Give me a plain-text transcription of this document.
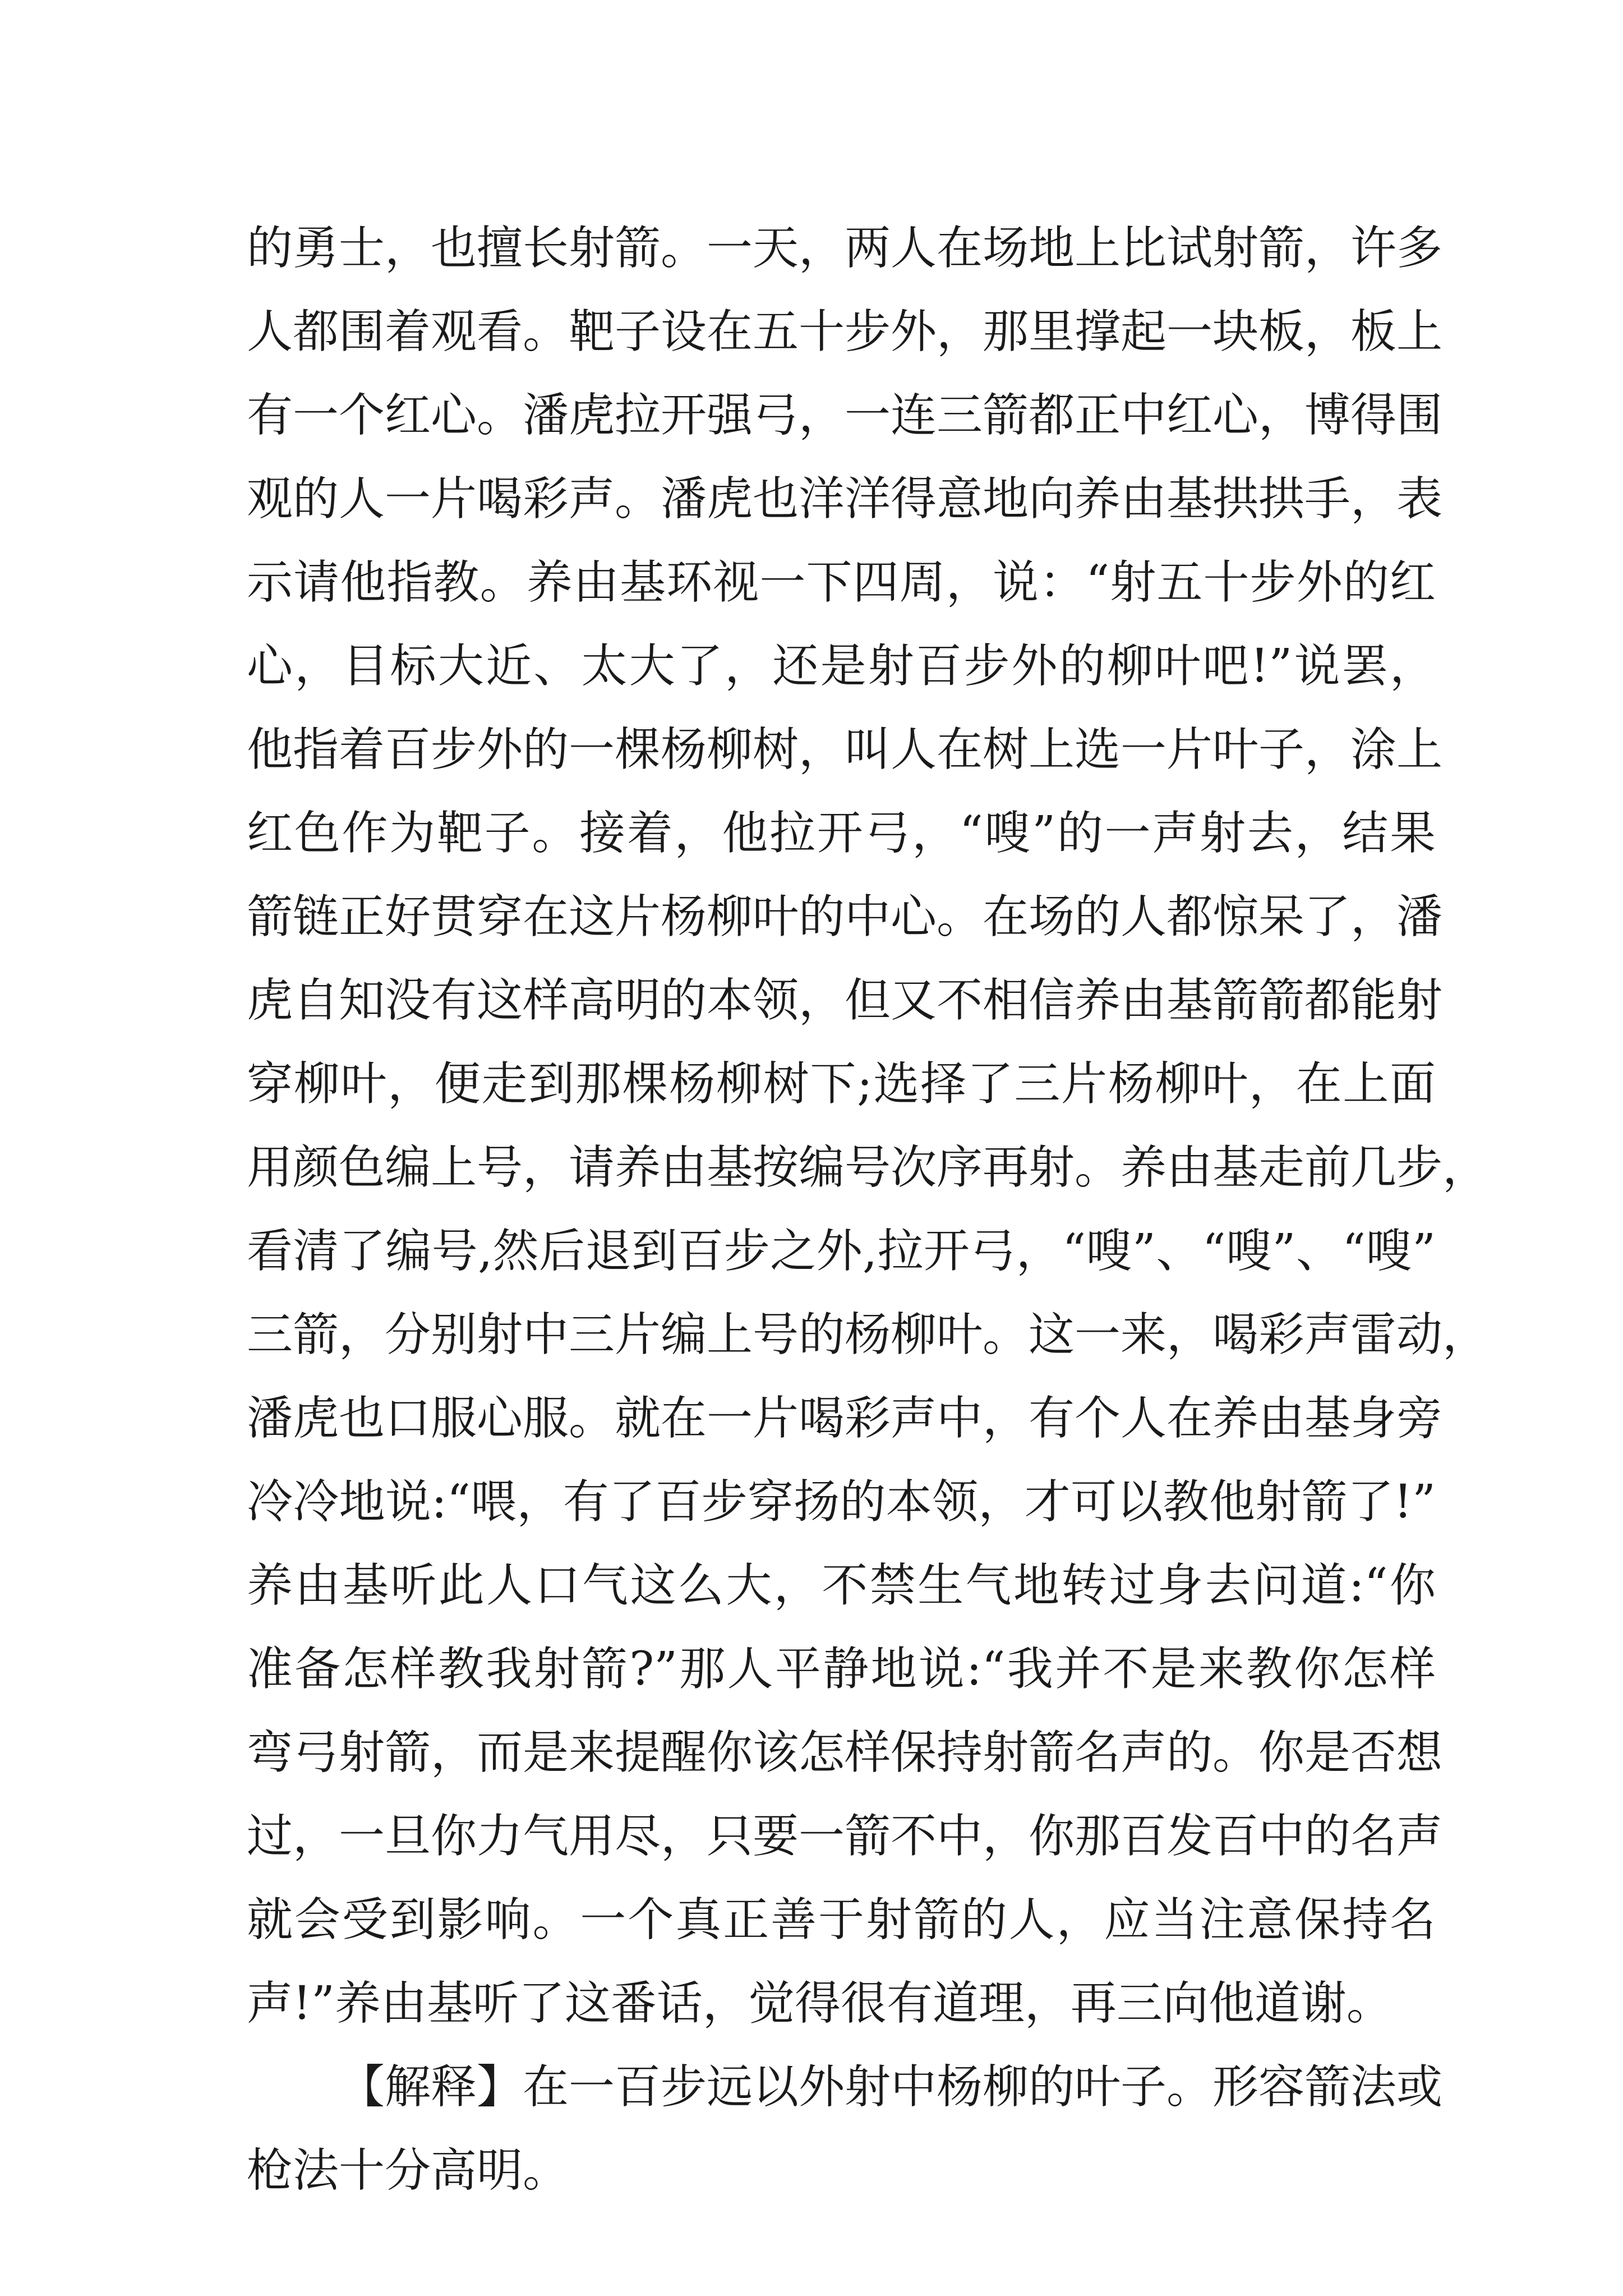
的勇士，也擅长射箭。一天，两人在场地上比试射箭，许多
人都围着观看。靶子设在五十步外，那里撑起一块板，板上
有一个红心。潘虎拉开强弓，一连三箭都正中红心，博得围
观的人一片喝彩声。潘虎也洋洋得意地向养由基拱拱手，表
示请他指教。养由基环视一下四周，说：“射五十步外的红
心，目标大近、太大了，还是射百步外的柳叶吧!”说罢，
他指着百步外的一棵杨柳树，叫人在树上选一片叶子，涂上
红色作为靶子。接着，他拉开弓，“嗖”的一声射去，结果
箭链正好贯穿在这片杨柳叶的中心。在场的人都惊呆了，潘
虎自知没有这样高明的本领，但又不相信养由基箭箭都能射
穿柳叶，便走到那棵杨柳树下;选择了三片杨柳叶，在上面
用颜色编上号，请养由基按编号次序再射。养由基走前几步，
看清了编号,然后退到百步之外,拉开弓，“嗖”、“嗖”、“嗖”
三箭，分别射中三片编上号的杨柳叶。这一来，喝彩声雷动，
潘虎也口服心服。就在一片喝彩声中，有个人在养由基身旁
冷冷地说:“喂，有了百步穿扬的本领，才可以教他射箭了!”
养由基听此人口气这么大，不禁生气地转过身去问道:“你
准备怎样教我射箭?”那人平静地说:“我并不是来教你怎样
弯弓射箭，而是来提醒你该怎样保持射箭名声的。你是否想
过，一旦你力气用尽，只要一箭不中，你那百发百中的名声
就会受到影响。一个真正善于射箭的人，应当注意保持名
声!”养由基听了这番话，觉得很有道理，再三向他道谢。
【解释】在一百步远以外射中杨柳的叶子。形容箭法或
枪法十分高明。
